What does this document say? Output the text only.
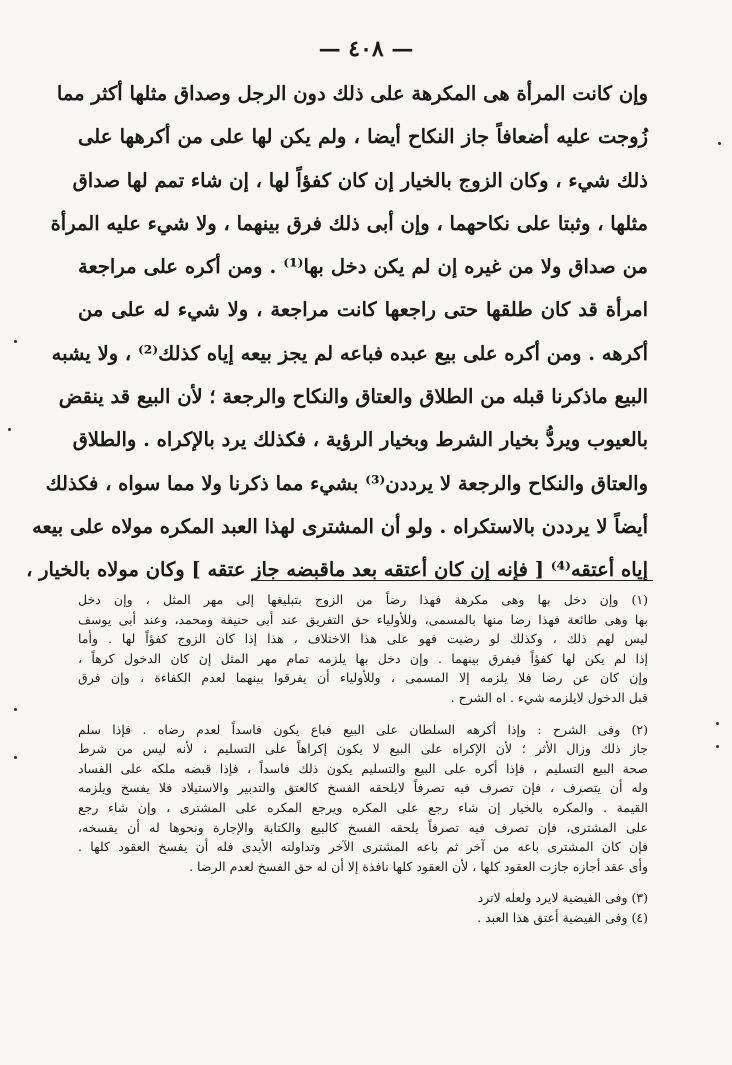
— ٤٠٨ —
وإن كانت المرأة هى المكرهة على ذلك دون الرجل وصداق مثلها أكثر مما
زُوجت عليه أضعافاً جاز النكاح أيضا ، ولم يكن لها على من أكرهها على
ذلك شيء ، وكان الزوج بالخيار إن كان كفؤاً لها ، إن شاء تمم لها صداق
مثلها ، وثبتا على نكاحهما ، وإن أبى ذلك فرق بينهما ، ولا شيء عليه المرأة
من صداق ولا من غيره إن لم يكن دخل بها⁽¹⁾ . ومن أكره على مراجعة
امرأة قد كان طلقها حتى راجعها كانت مراجعة ، ولا شيء له على من
أكرهه . ومن أكره على بيع عبده فباعه لم يجز بيعه إياه كذلك⁽²⁾ ، ولا يشبه
البيع ماذكرنا قبله من الطلاق والعتاق والنكاح والرجعة ؛ لأن البيع قد ينقض
بالعيوب ويردُّ بخيار الشرط وبخيار الرؤية ، فكذلك يرد بالإكراه . والطلاق
والعتاق والنكاح والرجعة لا يرددن⁽³⁾ بشيء مما ذكرنا ولا مما سواه ، فكذلك
أيضاً لا يرددن بالاستكراه . ولو أن المشترى لهذا العبد المكره مولاه على بيعه
إياه أعتقه⁽⁴⁾ [ فإنه إن كان أعتقه بعد ماقبضه جاز عتقه ] وكان مولاه بالخيار ،
(١) وإن دخل بها وهى مكرهة فهذا رضاً من الزوج بتبليغها إلى مهر المثل ، وإن دخل
بها وهى طائعة فهذا رضا منها بالمسمى، وللأولياء حق التفريق عند أبى حنيفة ومحمد، وعند أبى يوسف
ليس لهم ذلك ، وكذلك لو رضيت فهو على هذا الاختلاف ، هذا إذا كان الزوج كفؤاً لها . وأما
إذا لم يكن لها كفؤاً فيفرق بينهما . وإن دخل بها يلزمه تمام مهر المثل إن كان الدخول كرهاً ،
وإن كان عن رضا فلا يلزمه إلا المسمى ، وللأولياء أن يفرقوا بينهما لعدم الكفاءة ، وإن فرق
قبل الدخول لايلزمه شيء . اه الشرح .
(٢) وفى الشرح : وإذا أكرهه السلطان على البيع فباع يكون فاسداً لعدم رضاه . فإذا سلم
جاز ذلك وزال الأثر ؛ لأن الإكراه على البيع لا يكون إكراهاً على التسليم ، لأنه ليس من شرط
صحة البيع التسليم ، فإذا أكره على البيع والتسليم يكون ذلك فاسداً ، فإذا قبضه ملكه على الفساد
وله أن يتصرف ، فإن تصرف فيه تصرفاً لايلحقه الفسخ كالعتق والتدبير والاستيلاد فلا يفسخ ويلزمه
القيمة . والمكره بالخيار إن شاء رجع على المكره ويرجع المكره على المشترى ، وإن شاء رجع
على المشترى، فإن تصرف فيه تصرفاً يلحقه الفسخ كالبيع والكتابة والإجارة ونحوها له أن يفسخه،
فإن كان المشترى باعه من آخر ثم باعه المشترى الآخر وتداولته الأيدى فله أن يفسخ العقود كلها .
وأى عقد أجازه جازت العقود كلها ، لأن العقود كلها نافذة إلا أن له حق الفسخ لعدم الرضا .
(٣) وفى الفيضية لايرد ولعله لاترد
(٤) وفى الفيضية أعتق هذا العبد .
